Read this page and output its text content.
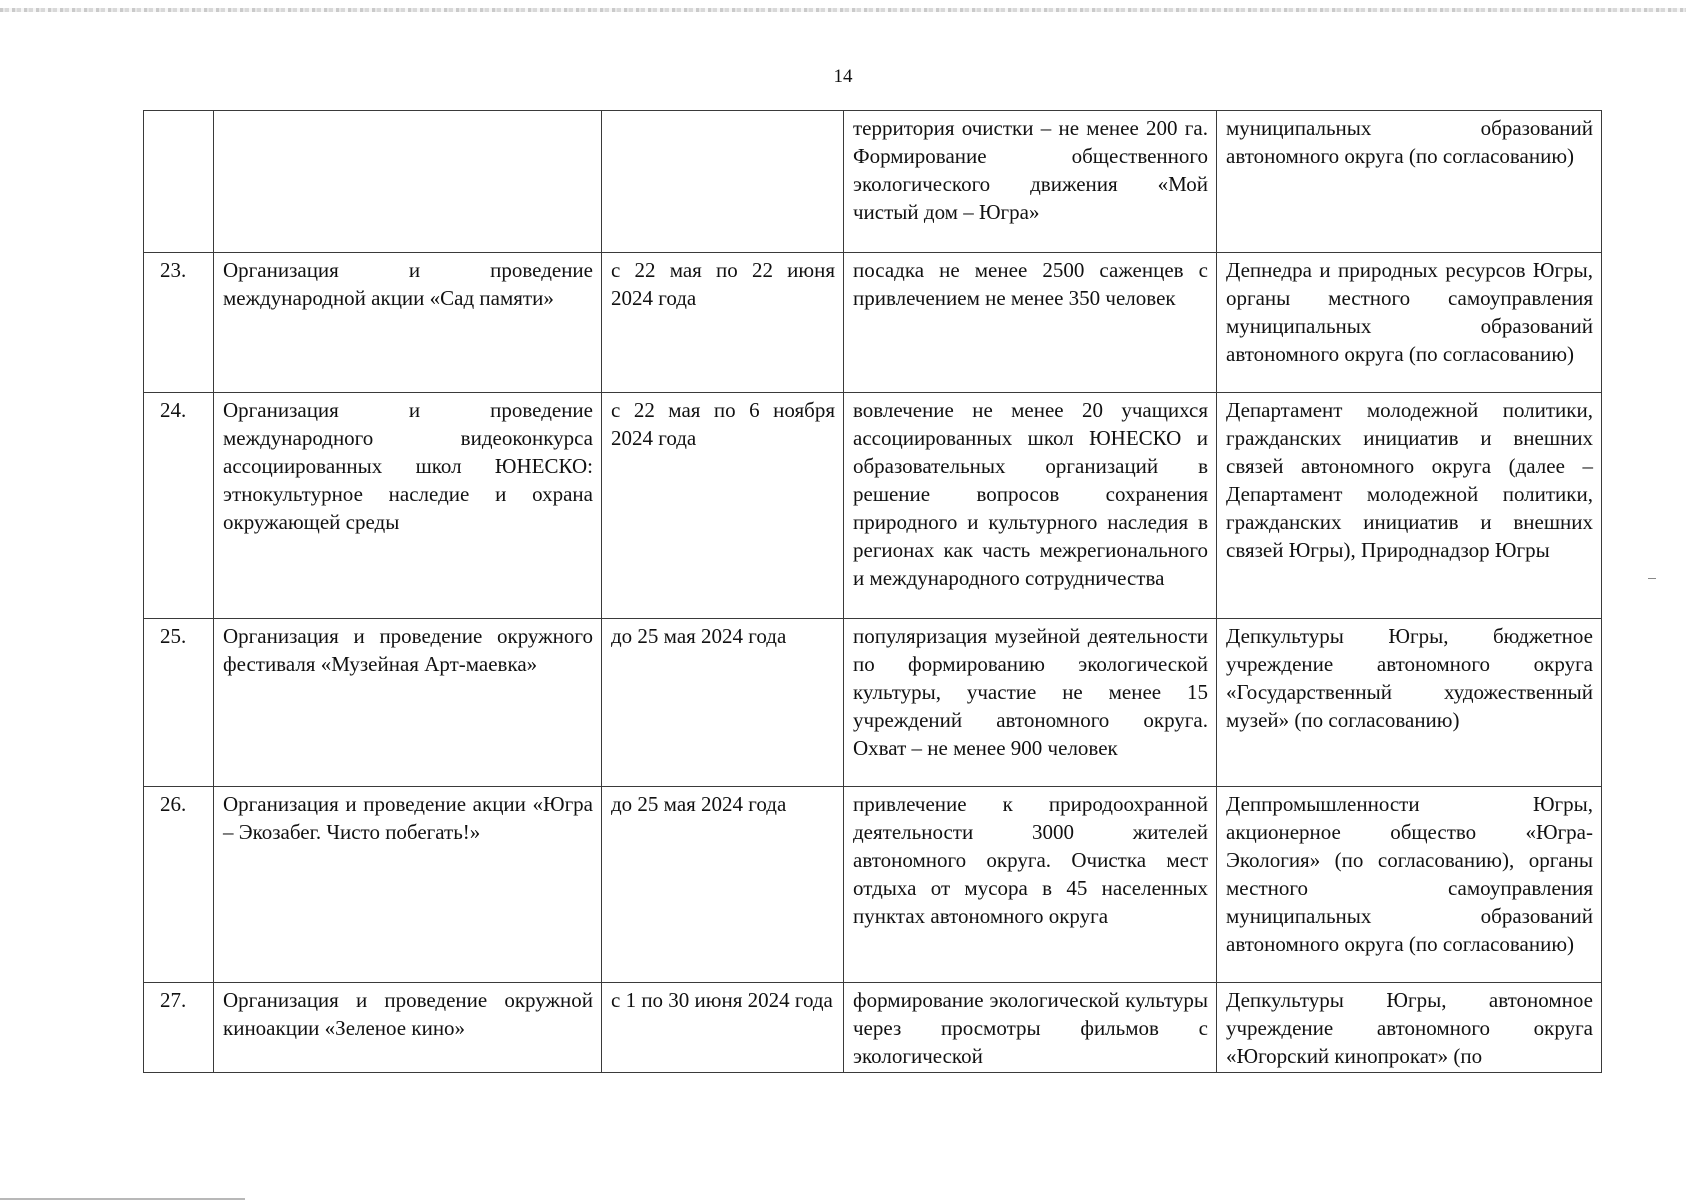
14
			территория очистки – не менее 200 га. Формирование общественного экологического движения «Мой чистый дом – Югра»	муниципальных образований автономного округа (по согласованию)
23.	Организация и проведение международной акции «Сад памяти»	с 22 мая по 22 июня 2024 года	посадка не менее 2500 саженцев с привлечением не менее 350 человек	Депнедра и природных ресурсов Югры, органы местного самоуправления муниципальных образований автономного округа (по согласованию)
24.	Организация и проведение международного видеоконкурса ассоциированных школ ЮНЕСКО: этнокультурное наследие и охрана окружающей среды	с 22 мая по 6 ноября 2024 года	вовлечение не менее 20 учащихся ассоциированных школ ЮНЕСКО и образовательных организаций в решение вопросов сохранения природного и культурного наследия в регионах как часть межрегионального и международного сотрудничества	Департамент молодежной политики, гражданских инициатив и внешних связей автономного округа (далее – Департамент молодежной политики, гражданских инициатив и внешних связей Югры), Природнадзор Югры
25.	Организация и проведение окружного фестиваля «Музейная Арт-маевка»	до 25 мая 2024 года	популяризация музейной деятельности по формированию экологической культуры, участие не менее 15 учреждений автономного округа. Охват – не менее 900 человек	Депкультуры Югры, бюджетное учреждение автономного округа «Государственный художественный музей» (по согласованию)
26.	Организация и проведение акции «Югра – Экозабег. Чисто побегать!»	до 25 мая 2024 года	привлечение к природоохранной деятельности 3000 жителей автономного округа. Очистка мест отдыха от мусора в 45 населенных пунктах автономного округа	Деппромышленности Югры, акционерное общество «Югра-Экология» (по согласованию), органы местного самоуправления муниципальных образований автономного округа (по согласованию)
27.	Организация и проведение окружной киноакции «Зеленое кино»	с 1 по 30 июня 2024 года	формирование экологической культуры через просмотры фильмов с экологической	Депкультуры Югры, автономное учреждение автономного округа «Югорский кинопрокат» (по
